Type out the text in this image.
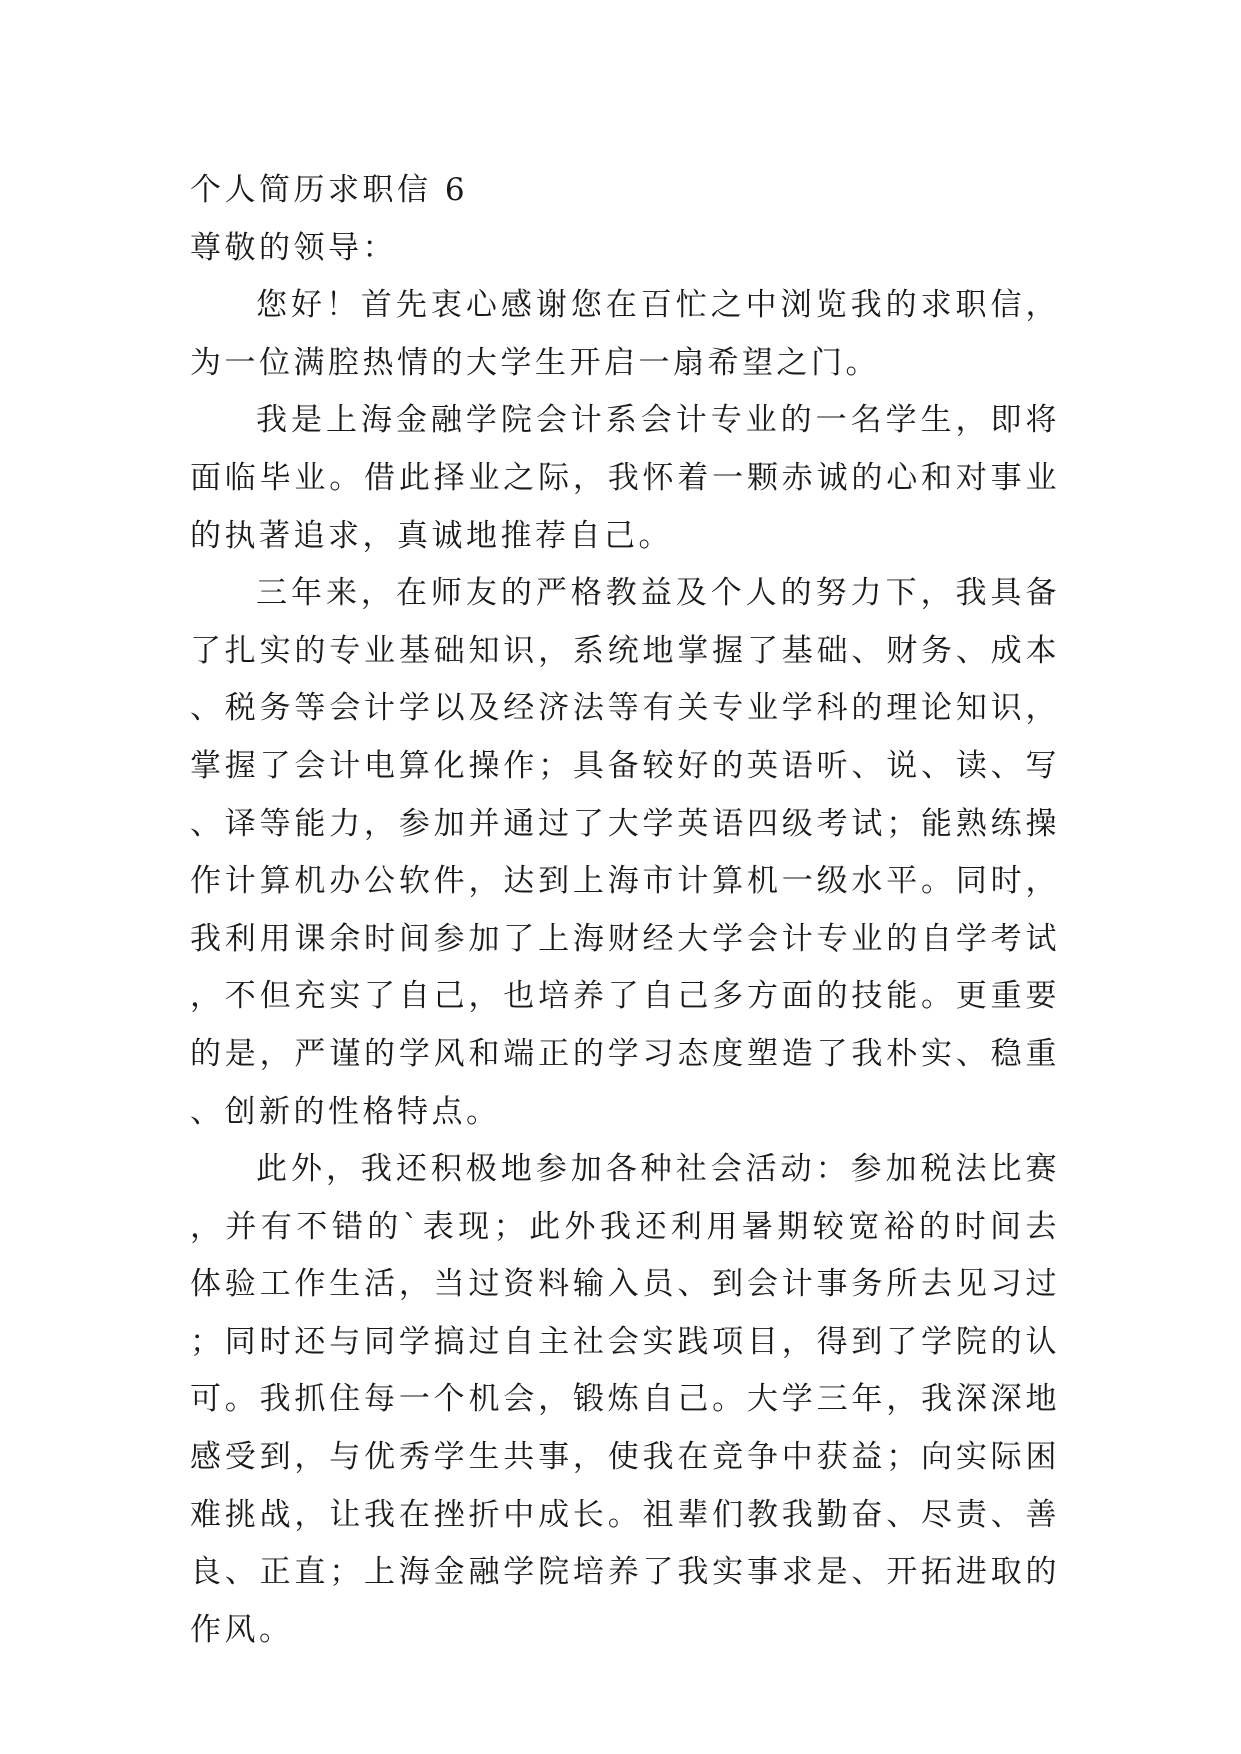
个人简历求职信 6

尊敬的领导：

您好！首先衷心感谢您在百忙之中浏览我的求职信，为一位满腔热情的大学生开启一扇希望之门。

我是上海金融学院会计系会计专业的一名学生，即将面临毕业。借此择业之际，我怀着一颗赤诚的心和对事业的执著追求，真诚地推荐自己。

三年来，在师友的严格教益及个人的努力下，我具备了扎实的专业基础知识，系统地掌握了基础、财务、成本、税务等会计学以及经济法等有关专业学科的理论知识，掌握了会计电算化操作；具备较好的英语听、说、读、写、译等能力，参加并通过了大学英语四级考试；能熟练操作计算机办公软件，达到上海市计算机一级水平。同时，我利用课余时间参加了上海财经大学会计专业的自学考试，不但充实了自己，也培养了自己多方面的技能。更重要的是，严谨的学风和端正的学习态度塑造了我朴实、稳重、创新的性格特点。

此外，我还积极地参加各种社会活动：参加税法比赛，并有不错的`表现；此外我还利用暑期较宽裕的时间去体验工作生活，当过资料输入员、到会计事务所去见习过；同时还与同学搞过自主社会实践项目，得到了学院的认可。我抓住每一个机会，锻炼自己。大学三年，我深深地感受到，与优秀学生共事，使我在竞争中获益；向实际困难挑战，让我在挫折中成长。祖辈们教我勤奋、尽责、善良、正直；上海金融学院培养了我实事求是、开拓进取的作风。
